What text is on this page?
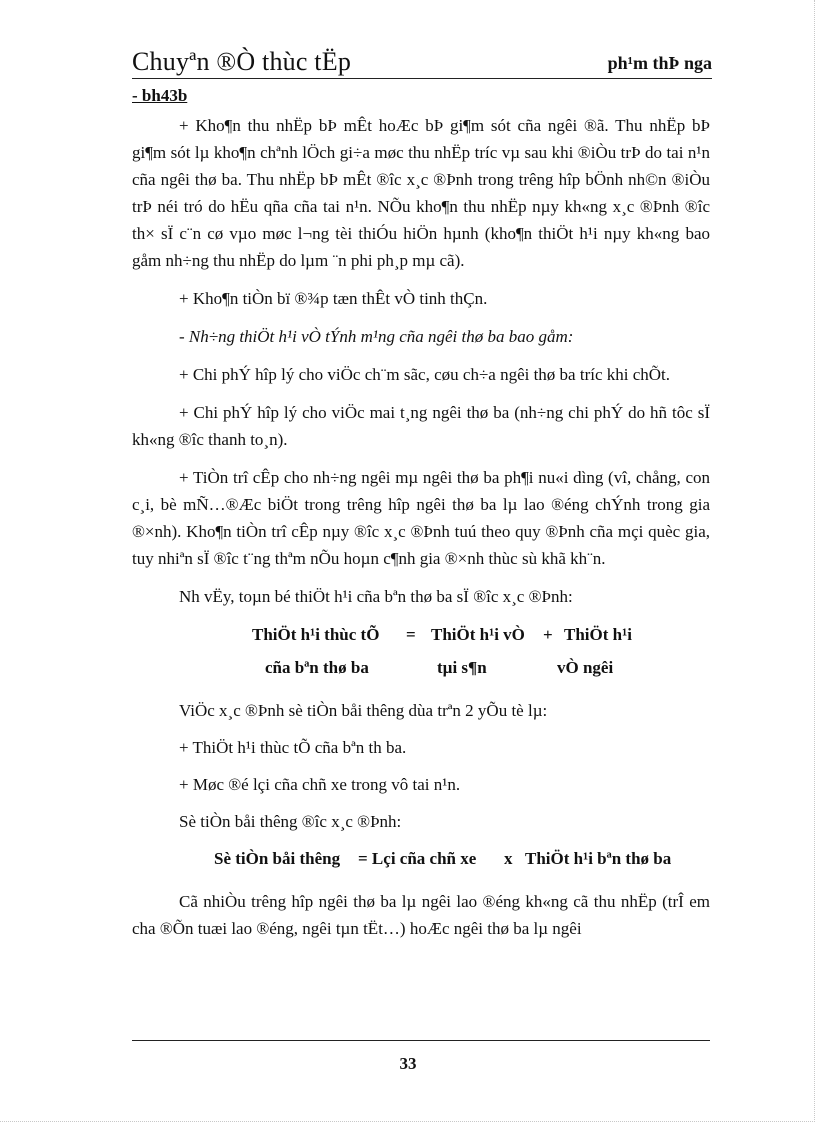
Chuyªn ®Ò thùc tËp	ph¹m thÞ nga
- bh43b

+ Kho¶n thu nhËp bÞ mÊt hoÆc bÞ gi¶m sót cña ngêi ®ã. Thu nhËp bÞ gi¶m sót lµ kho¶n chªnh lÖch gi÷a møc thu nhËp tríc vµ sau khi ®iÒu trÞ do tai n¹n cña ngêi thø ba. Thu nhËp bÞ mÊt ®îc x¸c ®Þnh trong trêng hîp bÖnh nh©n ®iÒu trÞ néi tró do hËu qña cña tai n¹n. NÕu kho¶n thu nhËp nµy kh«ng x¸c ®Þnh ®îc th× sÏ c¨n cø vµo møc l¬ng tèi thiÓu hiÖn hµnh (kho¶n thiÖt h¹i nµy kh«ng bao gåm nh÷ng thu nhËp do lµm ¨n phi ph¸p mµ cã).

+ Kho¶n tiÒn bï ®¾p tæn thÊt vÒ tinh thÇn.

- Nh÷ng thiÖt h¹i vÒ tÝnh m¹ng cña ngêi thø ba bao gåm:

+ Chi phÝ hîp lý cho viÖc ch¨m sãc, cøu ch÷a ngêi thø ba tríc khi chÕt.

+ Chi phÝ hîp lý cho viÖc mai t¸ng ngêi thø ba (nh÷ng chi phÝ do hñ tôc sÏ kh«ng ®îc thanh to¸n).

+ TiÒn trî cÊp cho nh÷ng ngêi mµ ngêi thø ba ph¶i nu«i dìng (vî, chång, con c¸i, bè mÑ…®Æc biÖt trong trêng hîp ngêi thø ba lµ lao ®éng chÝnh trong gia ®×nh). Kho¶n tiÒn trî cÊp nµy ®îc x¸c ®Þnh tuú theo quy ®Þnh cña mçi quèc gia, tuy nhiªn sÏ ®îc t¨ng thªm nÕu hoµn c¶nh gia ®×nh thùc sù khã kh¨n.

Nh vËy, toµn bé thiÖt h¹i cña bªn thø ba sÏ ®îc x¸c ®Þnh:

ThiÖt h¹i thùc tÕ = ThiÖt h¹i vÒ + ThiÖt h¹i
cña bªn thø ba	tµi s¶n	vÒ ngêi

ViÖc x¸c ®Þnh sè tiÒn båi thêng dùa trªn 2 yÕu tè lµ:

+ ThiÖt h¹i thùc tÕ cña bªn th ba.

+ Møc ®é lçi cña chñ xe trong vô tai n¹n.

Sè tiÒn båi thêng ®îc x¸c ®Þnh:

Sè tiÒn båi thêng = Lçi cña chñ xe x ThiÖt h¹i bªn thø ba

Cã nhiÒu trêng hîp ngêi thø ba lµ ngêi lao ®éng kh«ng cã thu nhËp (trÎ em cha ®Õn tuæi lao ®éng, ngêi tµn tËt…) hoÆc ngêi thø ba lµ ngêi

33
